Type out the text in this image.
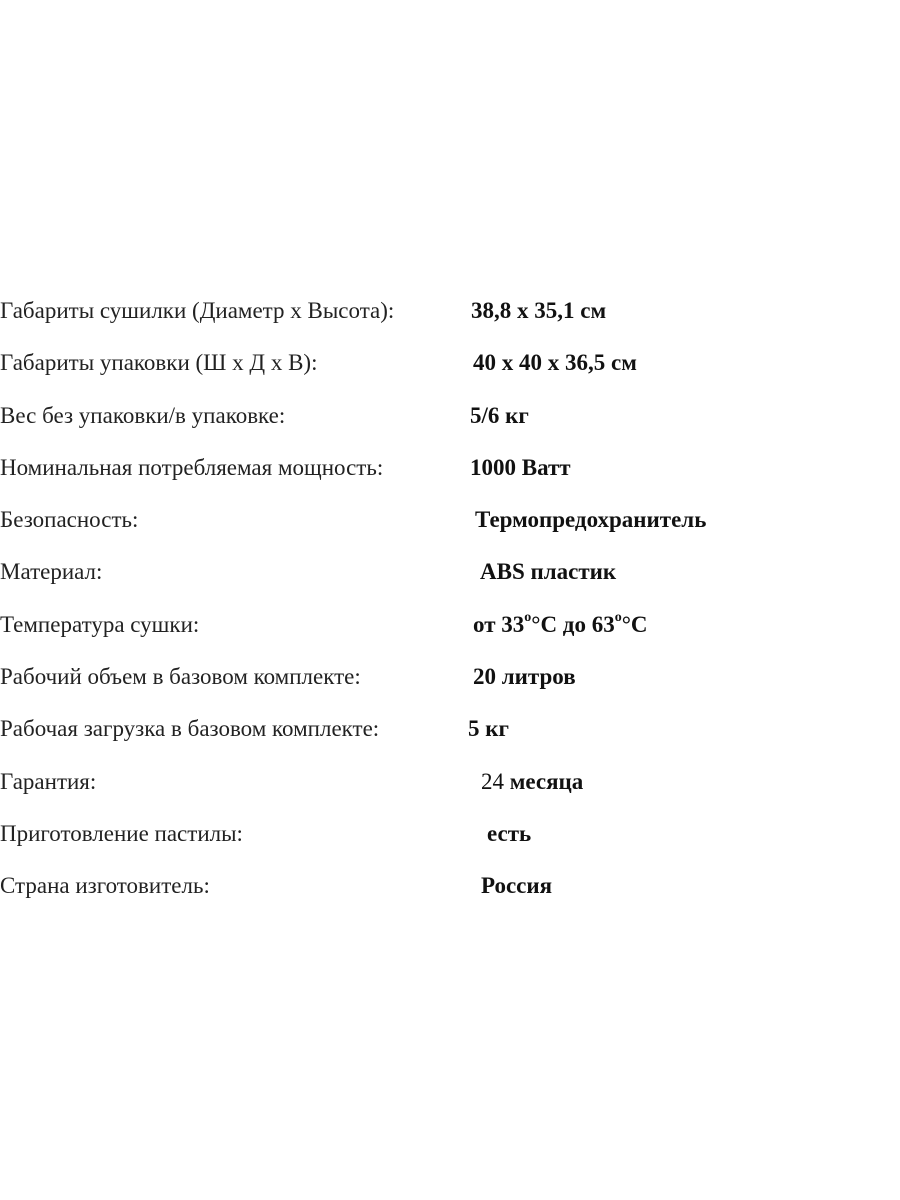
Габариты сушилки (Диаметр х Высота):	38,8 х 35,1 см
Габариты упаковки (Ш х Д х В):	40 х 40 х 36,5 см
Вес без упаковки/в упаковке:	5/6 кг
Номинальная потребляемая мощность:	1000 Ватт
Безопасность:	Термопредохранитель
Материал:	ABS пластик
Температура сушки:	от $33^о^\circ С$ до $63^о^\circ С$
Рабочий объем в базовом комплекте:	20 литров
Рабочая загрузка в базовом комплекте:	5 кг
Гарантия:	24 месяца
Приготовление пастилы:	есть
Страна изготовитель:	Россия
